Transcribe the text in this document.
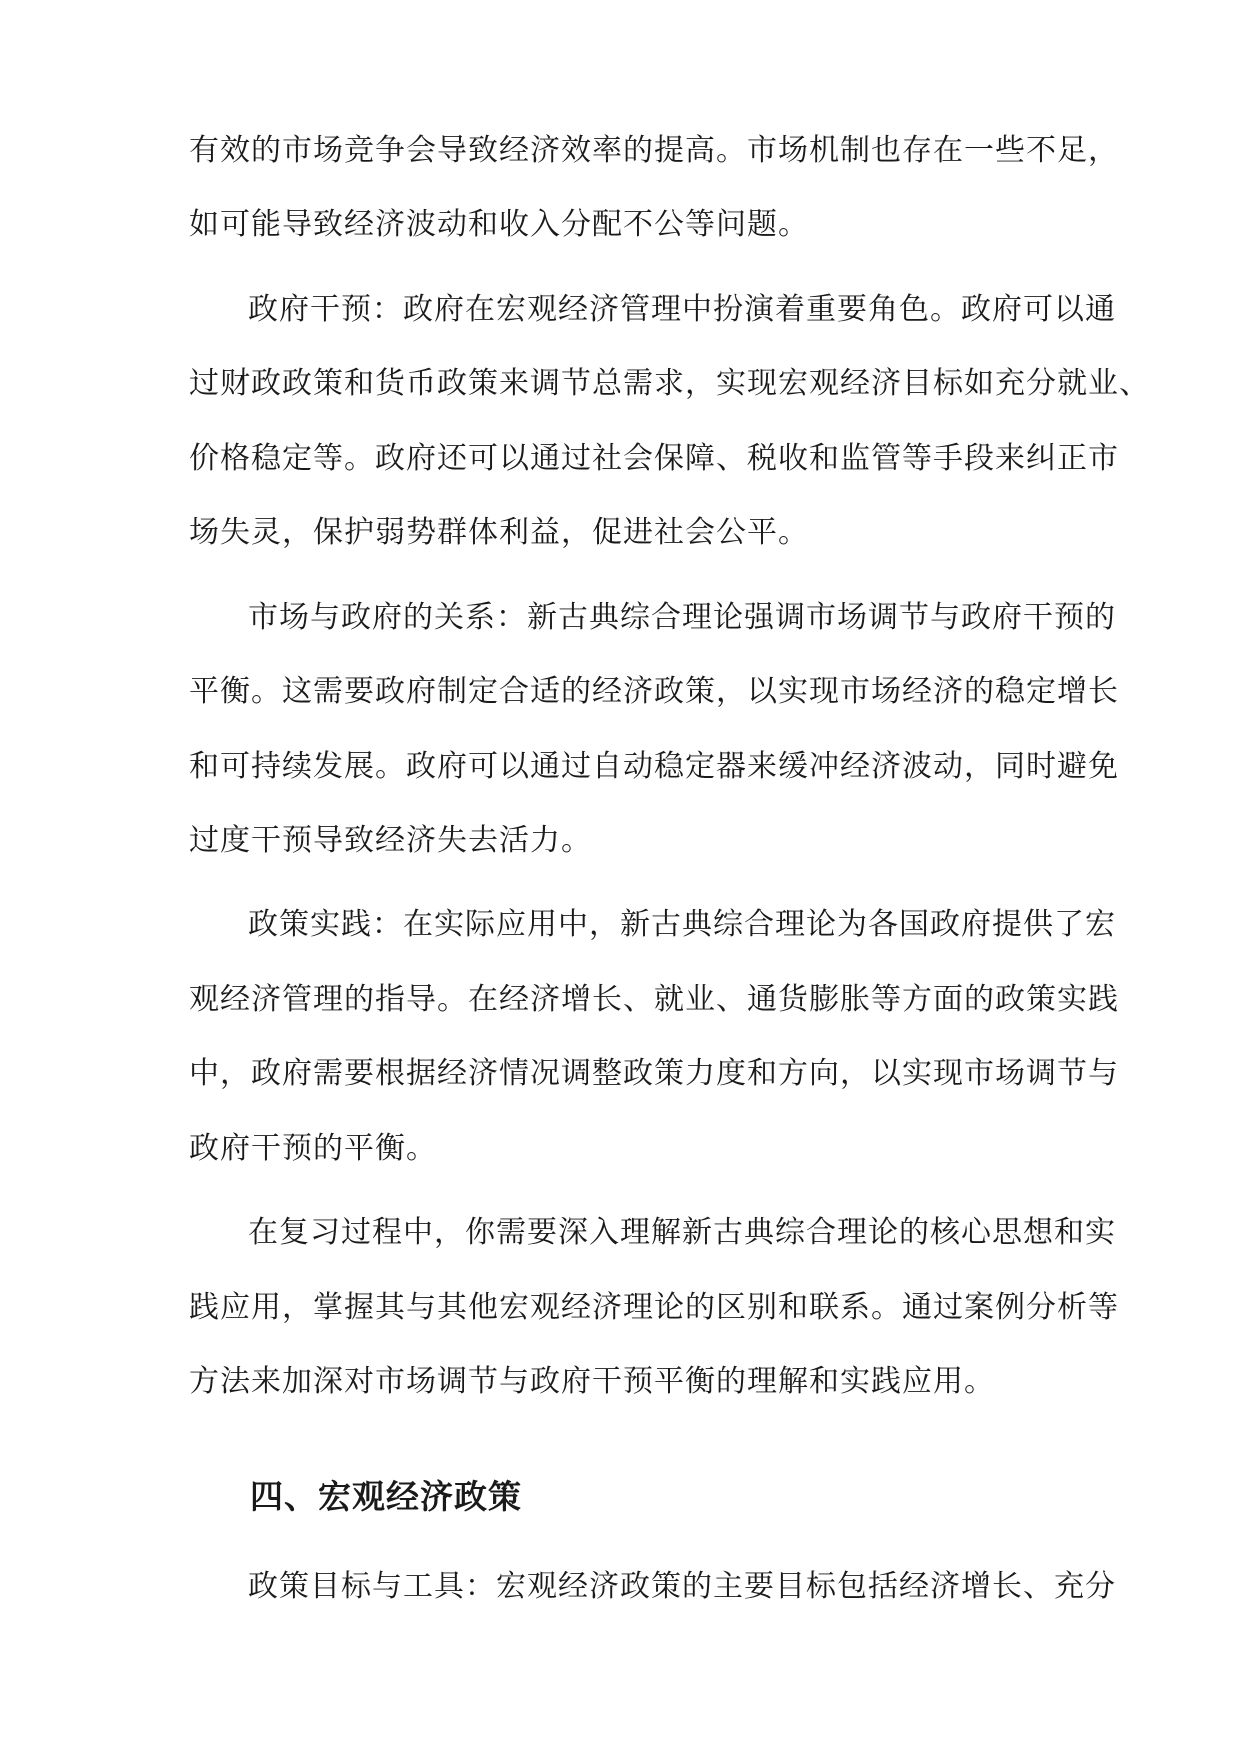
有效的市场竞争会导致经济效率的提高。市场机制也存在一些不足，
如可能导致经济波动和收入分配不公等问题。
政府干预：政府在宏观经济管理中扮演着重要角色。政府可以通
过财政政策和货币政策来调节总需求，实现宏观经济目标如充分就业、
价格稳定等。政府还可以通过社会保障、税收和监管等手段来纠正市
场失灵，保护弱势群体利益，促进社会公平。
市场与政府的关系：新古典综合理论强调市场调节与政府干预的
平衡。这需要政府制定合适的经济政策，以实现市场经济的稳定增长
和可持续发展。政府可以通过自动稳定器来缓冲经济波动，同时避免
过度干预导致经济失去活力。
政策实践：在实际应用中，新古典综合理论为各国政府提供了宏
观经济管理的指导。在经济增长、就业、通货膨胀等方面的政策实践
中，政府需要根据经济情况调整政策力度和方向，以实现市场调节与
政府干预的平衡。
在复习过程中，你需要深入理解新古典综合理论的核心思想和实
践应用，掌握其与其他宏观经济理论的区别和联系。通过案例分析等
方法来加深对市场调节与政府干预平衡的理解和实践应用。
四、宏观经济政策
政策目标与工具：宏观经济政策的主要目标包括经济增长、充分
